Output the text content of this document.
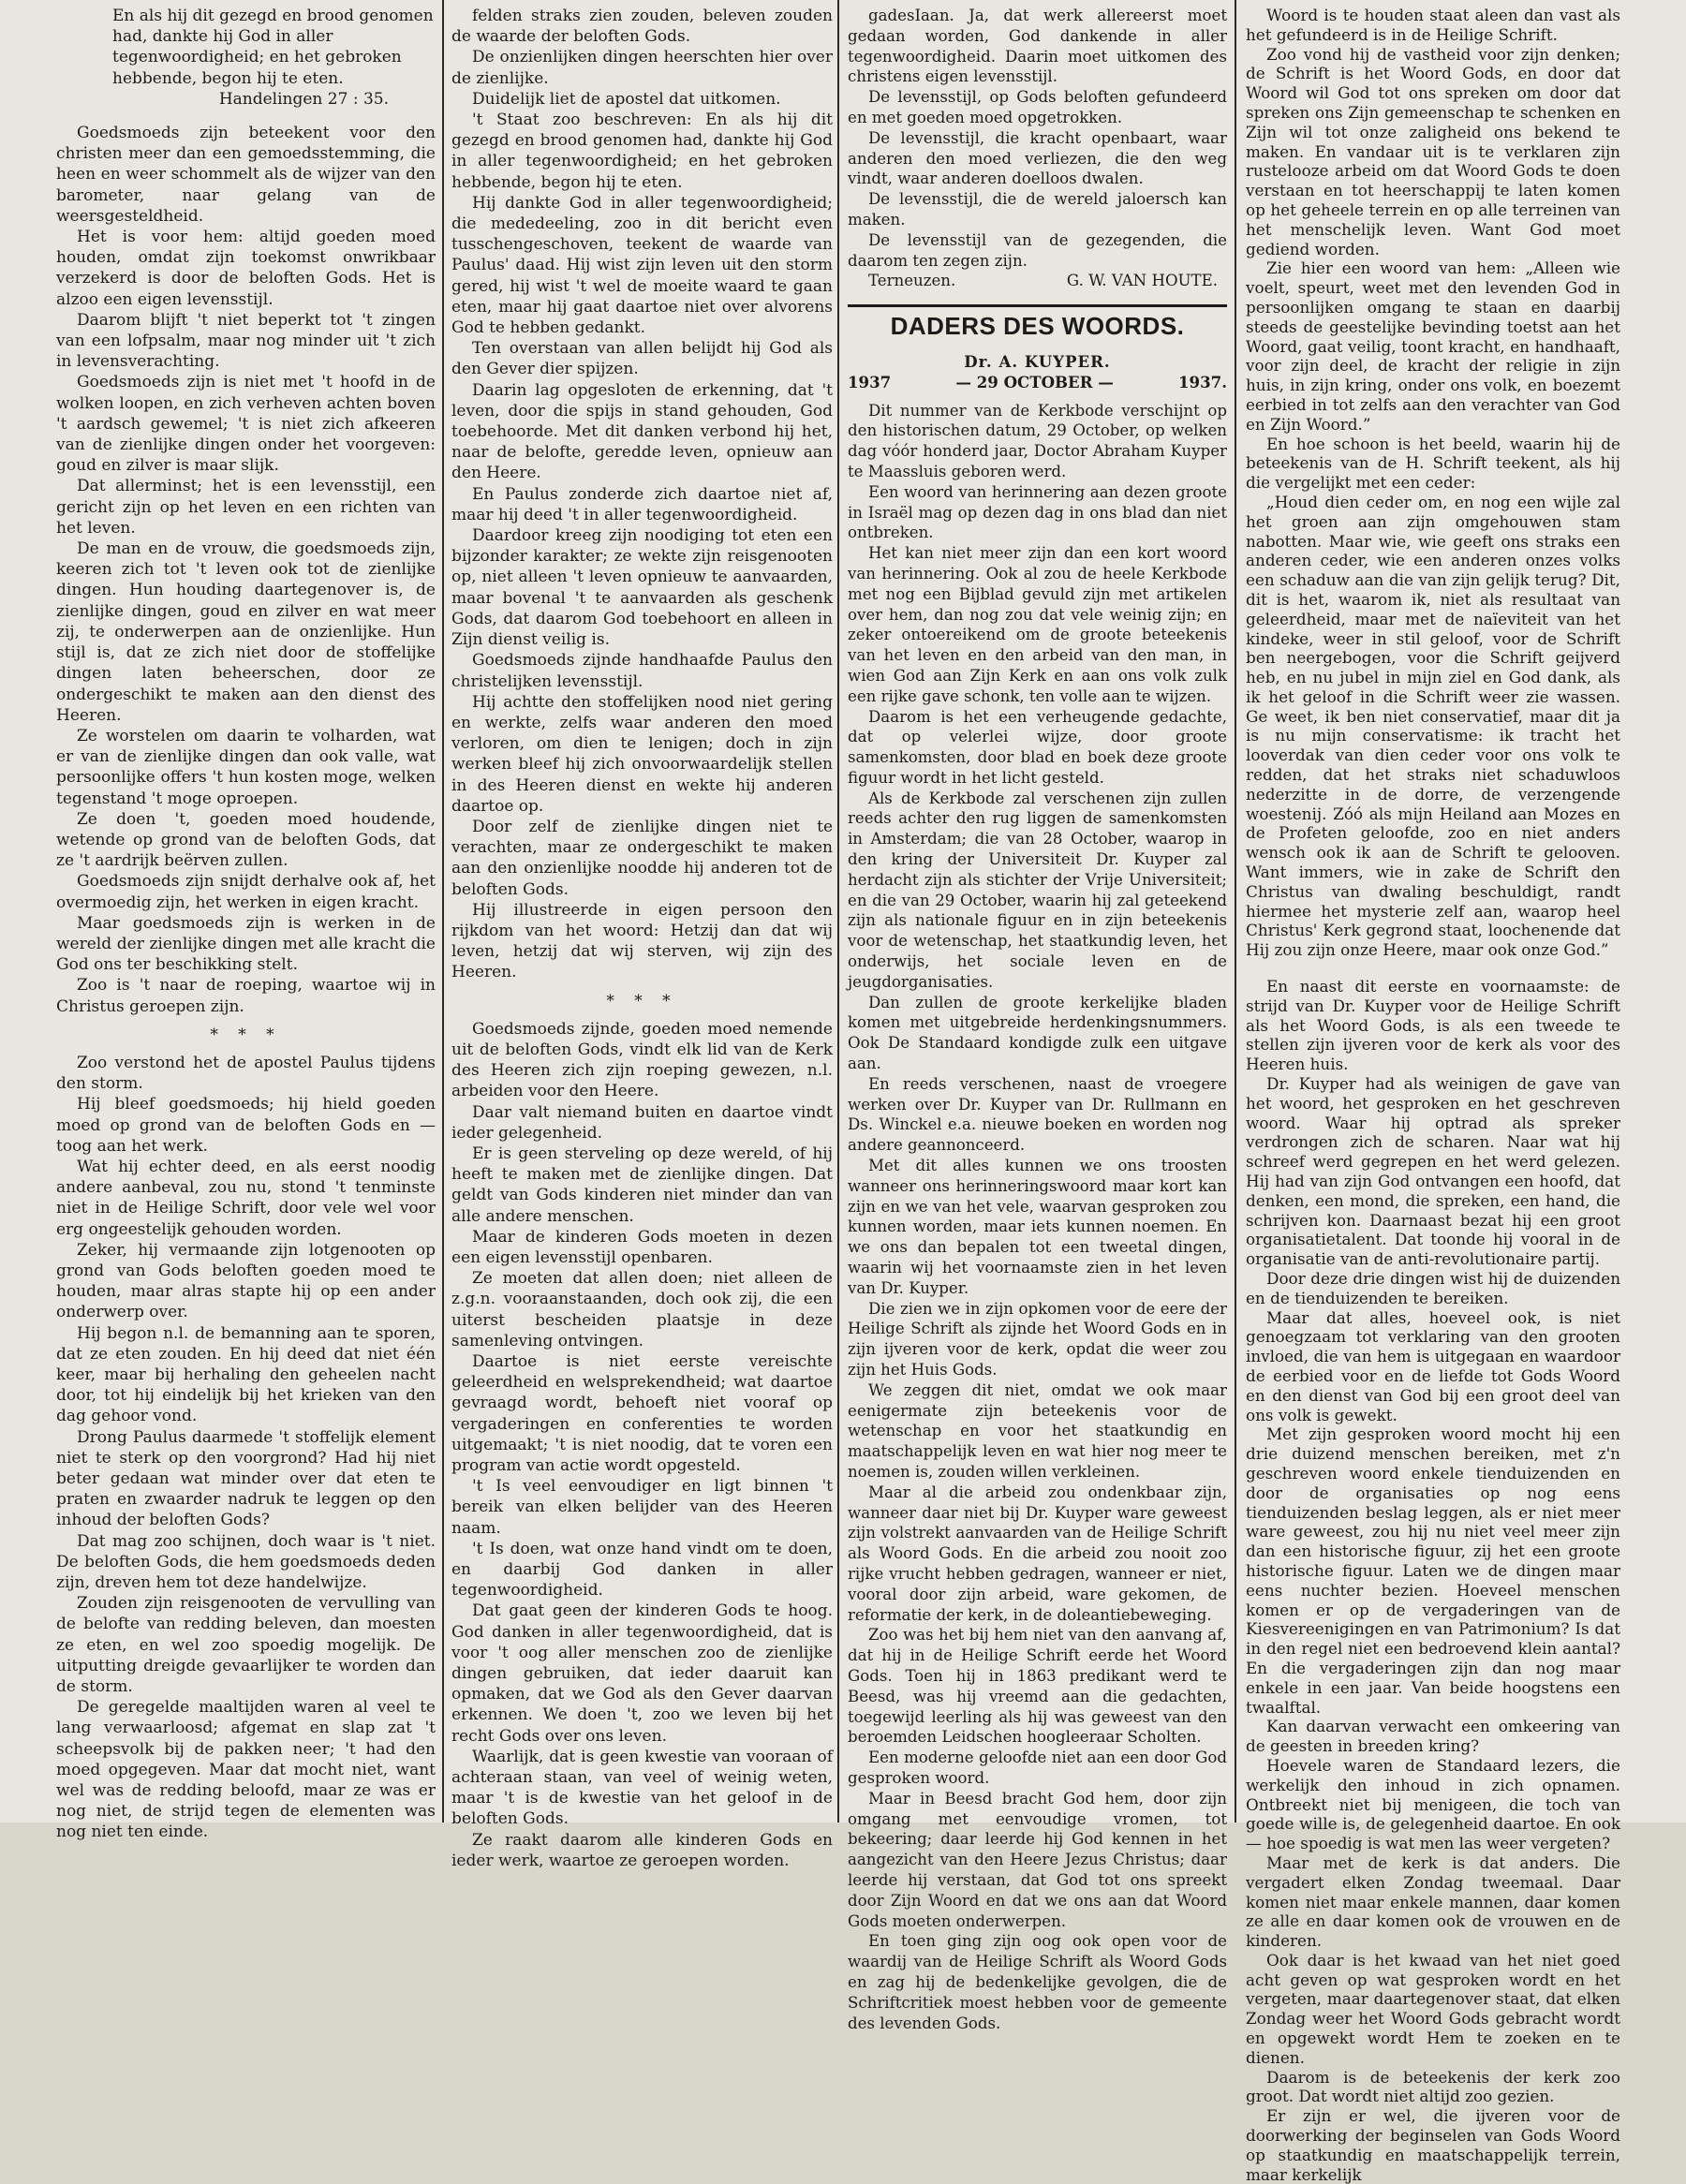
En als hij dit gezegd en brood genomen had, dankte hij God in aller tegenwoordigheid; en het gebroken hebbende, begon hij te eten.

Handelingen 27 : 35.

Goedsmoeds zijn beteekent voor den christen meer dan een gemoedsstemming, die heen en weer schommelt als de wijzer van den barometer, naar gelang van de weersgesteldheid.

Het is voor hem: altijd goeden moed houden, omdat zijn toekomst onwrikbaar verzekerd is door de beloften Gods. Het is alzoo een eigen levensstijl.

Daarom blijft 't niet beperkt tot 't zingen van een lofpsalm, maar nog minder uit 't zich in levensverachting.

Goedsmoeds zijn is niet met 't hoofd in de wolken loopen, en zich verheven achten boven 't aardsch gewemel; 't is niet zich afkeeren van de zienlijke dingen onder het voorgeven: goud en zilver is maar slijk.

Dat allerminst; het is een levensstijl, een gericht zijn op het leven en een richten van het leven.

De man en de vrouw, die goedsmoeds zijn, keeren zich tot 't leven ook tot de zienlijke dingen. Hun houding daartegenover is, de zienlijke dingen, goud en zilver en wat meer zij, te onderwerpen aan de onzienlijke. Hun stijl is, dat ze zich niet door de stoffelijke dingen laten beheerschen, door ze ondergeschikt te maken aan den dienst des Heeren.

Ze worstelen om daarin te volharden, wat er van de zienlijke dingen dan ook valle, wat persoonlijke offers 't hun kosten moge, welken tegenstand 't moge oproepen.

Ze doen 't, goeden moed houdende, wetende op grond van de beloften Gods, dat ze 't aardrijk beërven zullen.

Goedsmoeds zijn snijdt derhalve ook af, het overmoedig zijn, het werken in eigen kracht.

Maar goedsmoeds zijn is werken in de wereld der zienlijke dingen met alle kracht die God ons ter beschikking stelt.

Zoo is 't naar de roeping, waartoe wij in Christus geroepen zijn.

* * *

Zoo verstond het de apostel Paulus tijdens den storm.

Hij bleef goedsmoeds; hij hield goeden moed op grond van de beloften Gods en — toog aan het werk.

Wat hij echter deed, en als eerst noodig andere aanbeval, zou nu, stond 't tenminste niet in de Heilige Schrift, door vele wel voor erg ongeestelijk gehouden worden.

Zeker, hij vermaande zijn lotgenooten op grond van Gods beloften goeden moed te houden, maar alras stapte hij op een ander onderwerp over.

Hij begon n.l. de bemanning aan te sporen, dat ze eten zouden. En hij deed dat niet één keer, maar bij herhaling den geheelen nacht door, tot hij eindelijk bij het krieken van den dag gehoor vond.

Drong Paulus daarmede 't stoffelijk element niet te sterk op den voorgrond? Had hij niet beter gedaan wat minder over dat eten te praten en zwaarder nadruk te leggen op den inhoud der beloften Gods?

Dat mag zoo schijnen, doch waar is 't niet. De beloften Gods, die hem goedsmoeds deden zijn, dreven hem tot deze handelwijze.

Zouden zijn reisgenooten de vervulling van de belofte van redding beleven, dan moesten ze eten, en wel zoo spoedig mogelijk. De uitputting dreigde gevaarlijker te worden dan de storm.

De geregelde maaltijden waren al veel te lang verwaarloosd; afgemat en slap zat 't scheepsvolk bij de pakken neer; 't had den moed opgegeven. Maar dat mocht niet, want wel was de redding beloofd, maar ze was er nog niet, de strijd tegen de elementen was nog niet ten einde.

felden straks zien zouden, beleven zouden de waarde der beloften Gods.

De onzienlijken dingen heerschten hier over de zienlijke.

Duidelijk liet de apostel dat uitkomen.

't Staat zoo beschreven: En als hij dit gezegd en brood genomen had, dankte hij God in aller tegenwoordigheid; en het gebroken hebbende, begon hij te eten.

Hij dankte God in aller tegenwoordigheid; die mededeeling, zoo in dit bericht even tusschengeschoven, teekent de waarde van Paulus' daad. Hij wist zijn leven uit den storm gered, hij wist 't wel de moeite waard te gaan eten, maar hij gaat daartoe niet over alvorens God te hebben gedankt.

Ten overstaan van allen belijdt hij God als den Gever dier spijzen.

Daarin lag opgesloten de erkenning, dat 't leven, door die spijs in stand gehouden, God toebehoorde. Met dit danken verbond hij het, naar de belofte, geredde leven, opnieuw aan den Heere.

En Paulus zonderde zich daartoe niet af, maar hij deed 't in aller tegenwoordigheid.

Daardoor kreeg zijn noodiging tot eten een bijzonder karakter; ze wekte zijn reisgenooten op, niet alleen 't leven opnieuw te aanvaarden, maar bovenal 't te aanvaarden als geschenk Gods, dat daarom God toebehoort en alleen in Zijn dienst veilig is.

Goedsmoeds zijnde handhaafde Paulus den christelijken levensstijl.

Hij achtte den stoffelijken nood niet gering en werkte, zelfs waar anderen den moed verloren, om dien te lenigen; doch in zijn werken bleef hij zich onvoorwaardelijk stellen in des Heeren dienst en wekte hij anderen daartoe op.

Door zelf de zienlijke dingen niet te verachten, maar ze ondergeschikt te maken aan den onzienlijke noodde hij anderen tot de beloften Gods.

Hij illustreerde in eigen persoon den rijkdom van het woord: Hetzij dan dat wij leven, hetzij dat wij sterven, wij zijn des Heeren.

* * *

Goedsmoeds zijnde, goeden moed nemende uit de beloften Gods, vindt elk lid van de Kerk des Heeren zich zijn roeping gewezen, n.l. arbeiden voor den Heere.

Daar valt niemand buiten en daartoe vindt ieder gelegenheid.

Er is geen sterveling op deze wereld, of hij heeft te maken met de zienlijke dingen. Dat geldt van Gods kinderen niet minder dan van alle andere menschen.

Maar de kinderen Gods moeten in dezen een eigen levensstijl openbaren.

Ze moeten dat allen doen; niet alleen de z.g.n. vooraanstaanden, doch ook zij, die een uiterst bescheiden plaatsje in deze samenleving ontvingen.

Daartoe is niet eerste vereischte geleerdheid en welsprekendheid; wat daartoe gevraagd wordt, behoeft niet vooraf op vergaderingen en conferenties te worden uitgemaakt; 't is niet noodig, dat te voren een program van actie wordt opgesteld.

't Is veel eenvoudiger en ligt binnen 't bereik van elken belijder van des Heeren naam.

't Is doen, wat onze hand vindt om te doen, en daarbij God danken in aller tegenwoordigheid.

Dat gaat geen der kinderen Gods te hoog. God danken in aller tegenwoordigheid, dat is voor 't oog aller menschen zoo de zienlijke dingen gebruiken, dat ieder daaruit kan opmaken, dat we God als den Gever daarvan erkennen. We doen 't, zoo we leven bij het recht Gods over ons leven.

Waarlijk, dat is geen kwestie van vooraan of achteraan staan, van veel of weinig weten, maar 't is de kwestie van het geloof in de beloften Gods.

Ze raakt daarom alle kinderen Gods en ieder werk, waartoe ze geroepen worden.

gadesIaan. Ja, dat werk allereerst moet gedaan worden, God dankende in aller tegenwoordigheid. Daarin moet uitkomen des christens eigen levensstijl.

De levensstijl, op Gods beloften gefundeerd en met goeden moed opgetrokken.

De levensstijl, die kracht openbaart, waar anderen den moed verliezen, die den weg vindt, waar anderen doelloos dwalen.

De levensstijl, die de wereld jaloersch kan maken.

De levensstijl van de gezegenden, die daarom ten zegen zijn.

Terneuzen.	G. W. VAN HOUTE.
DADERS DES WOORDS.
Dr. A. KUYPER.
1937	— 29 OCTOBER —	1937.

Dit nummer van de Kerkbode verschijnt op den historischen datum, 29 October, op welken dag vóór honderd jaar, Doctor Abraham Kuyper te Maassluis geboren werd.

Een woord van herinnering aan dezen groote in Israël mag op dezen dag in ons blad dan niet ontbreken.

Het kan niet meer zijn dan een kort woord van herinnering. Ook al zou de heele Kerkbode met nog een Bijblad gevuld zijn met artikelen over hem, dan nog zou dat vele weinig zijn; en zeker ontoereikend om de groote beteekenis van het leven en den arbeid van den man, in wien God aan Zijn Kerk en aan ons volk zulk een rijke gave schonk, ten volle aan te wijzen.

Daarom is het een verheugende gedachte, dat op velerlei wijze, door groote samenkomsten, door blad en boek deze groote figuur wordt in het licht gesteld.

Als de Kerkbode zal verschenen zijn zullen reeds achter den rug liggen de samenkomsten in Amsterdam; die van 28 October, waarop in den kring der Universiteit Dr. Kuyper zal herdacht zijn als stichter der Vrije Universiteit; en die van 29 October, waarin hij zal geteekend zijn als nationale figuur en in zijn beteekenis voor de wetenschap, het staatkundig leven, het onderwijs, het sociale leven en de jeugdorganisaties.

Dan zullen de groote kerkelijke bladen komen met uitgebreide herdenkingsnummers. Ook De Standaard kondigde zulk een uitgave aan.

En reeds verschenen, naast de vroegere werken over Dr. Kuyper van Dr. Rullmann en Ds. Winckel e.a. nieuwe boeken en worden nog andere geannonceerd.

Met dit alles kunnen we ons troosten wanneer ons herinneringswoord maar kort kan zijn en we van het vele, waarvan gesproken zou kunnen worden, maar iets kunnen noemen. En we ons dan bepalen tot een tweetal dingen, waarin wij het voornaamste zien in het leven van Dr. Kuyper.

Die zien we in zijn opkomen voor de eere der Heilige Schrift als zijnde het Woord Gods en in zijn ijveren voor de kerk, opdat die weer zou zijn het Huis Gods.

We zeggen dit niet, omdat we ook maar eenigermate zijn beteekenis voor de wetenschap en voor het staatkundig en maatschappelijk leven en wat hier nog meer te noemen is, zouden willen verkleinen.

Maar al die arbeid zou ondenkbaar zijn, wanneer daar niet bij Dr. Kuyper ware geweest zijn volstrekt aanvaarden van de Heilige Schrift als Woord Gods. En die arbeid zou nooit zoo rijke vrucht hebben gedragen, wanneer er niet, vooral door zijn arbeid, ware gekomen, de reformatie der kerk, in de doleantiebeweging.

Zoo was het bij hem niet van den aanvang af, dat hij in de Heilige Schrift eerde het Woord Gods. Toen hij in 1863 predikant werd te Beesd, was hij vreemd aan die gedachten, toegewijd leerling als hij was geweest van den beroemden Leidschen hoogleeraar Scholten.

Een moderne geloofde niet aan een door God gesproken woord.

Maar in Beesd bracht God hem, door zijn omgang met eenvoudige vromen, tot bekeering; daar leerde hij God kennen in het aangezicht van den Heere Jezus Christus; daar leerde hij verstaan, dat God tot ons spreekt door Zijn Woord en dat we ons aan dat Woord Gods moeten onderwerpen.

En toen ging zijn oog ook open voor de waardij van de Heilige Schrift als Woord Gods en zag hij de bedenkelijke gevolgen, die de Schriftcritiek moest hebben voor de gemeente des levenden Gods.

Woord is te houden staat aleen dan vast als het gefundeerd is in de Heilige Schrift.

Zoo vond hij de vastheid voor zijn denken; de Schrift is het Woord Gods, en door dat Woord wil God tot ons spreken om door dat spreken ons Zijn gemeenschap te schenken en Zijn wil tot onze zaligheid ons bekend te maken. En vandaar uit is te verklaren zijn rustelooze arbeid om dat Woord Gods te doen verstaan en tot heerschappij te laten komen op het geheele terrein en op alle terreinen van het menschelijk leven. Want God moet gediend worden.

Zie hier een woord van hem: „Alleen wie voelt, speurt, weet met den levenden God in persoonlijken omgang te staan en daarbij steeds de geestelijke bevinding toetst aan het Woord, gaat veilig, toont kracht, en handhaaft, voor zijn deel, de kracht der religie in zijn huis, in zijn kring, onder ons volk, en boezemt eerbied in tot zelfs aan den verachter van God en Zijn Woord.”

En hoe schoon is het beeld, waarin hij de beteekenis van de H. Schrift teekent, als hij die vergelijkt met een ceder:

„Houd dien ceder om, en nog een wijle zal het groen aan zijn omgehouwen stam nabotten. Maar wie, wie geeft ons straks een anderen ceder, wie een anderen onzes volks een schaduw aan die van zijn gelijk terug? Dit, dit is het, waarom ik, niet als resultaat van geleerdheid, maar met de naïeviteit van het kindeke, weer in stil geloof, voor de Schrift ben neergebogen, voor die Schrift geijverd heb, en nu jubel in mijn ziel en God dank, als ik het geloof in die Schrift weer zie wassen. Ge weet, ik ben niet conservatief, maar dit ja is nu mijn conservatisme: ik tracht het looverdak van dien ceder voor ons volk te redden, dat het straks niet schaduwloos nederzitte in de dorre, de verzengende woestenij. Zóó als mijn Heiland aan Mozes en de Profeten geloofde, zoo en niet anders wensch ook ik aan de Schrift te gelooven. Want immers, wie in zake de Schrift den Christus van dwaling beschuldigt, randt hiermee het mysterie zelf aan, waarop heel Christus' Kerk gegrond staat, loochenende dat Hij zou zijn onze Heere, maar ook onze God.”

En naast dit eerste en voornaamste: de strijd van Dr. Kuyper voor de Heilige Schrift als het Woord Gods, is als een tweede te stellen zijn ijveren voor de kerk als voor des Heeren huis.

Dr. Kuyper had als weinigen de gave van het woord, het gesproken en het geschreven woord. Waar hij optrad als spreker verdrongen zich de scharen. Naar wat hij schreef werd gegrepen en het werd gelezen. Hij had van zijn God ontvangen een hoofd, dat denken, een mond, die spreken, een hand, die schrijven kon. Daarnaast bezat hij een groot organisatietalent. Dat toonde hij vooral in de organisatie van de anti-revolutionaire partij.

Door deze drie dingen wist hij de duizenden en de tienduizenden te bereiken.

Maar dat alles, hoeveel ook, is niet genoegzaam tot verklaring van den grooten invloed, die van hem is uitgegaan en waardoor de eerbied voor en de liefde tot Gods Woord en den dienst van God bij een groot deel van ons volk is gewekt.

Met zijn gesproken woord mocht hij een drie duizend menschen bereiken, met z'n geschreven woord enkele tienduizenden en door de organisaties op nog eens tienduizenden beslag leggen, als er niet meer ware geweest, zou hij nu niet veel meer zijn dan een historische figuur, zij het een groote historische figuur. Laten we de dingen maar eens nuchter bezien. Hoeveel menschen komen er op de vergaderingen van de Kiesvereenigingen en van Patrimonium? Is dat in den regel niet een bedroevend klein aantal? En die vergaderingen zijn dan nog maar enkele in een jaar. Van beide hoogstens een twaalftal.

Kan daarvan verwacht een omkeering van de geesten in breeden kring?

Hoevele waren de Standaard lezers, die werkelijk den inhoud in zich opnamen. Ontbreekt niet bij menigeen, die toch van goede wille is, de gelegenheid daartoe. En ook — hoe spoedig is wat men las weer vergeten?

Maar met de kerk is dat anders. Die vergadert elken Zondag tweemaal. Daar komen niet maar enkele mannen, daar komen ze alle en daar komen ook de vrouwen en de kinderen.

Ook daar is het kwaad van het niet goed acht geven op wat gesproken wordt en het vergeten, maar daartegenover staat, dat elken Zondag weer het Woord Gods gebracht wordt en opgewekt wordt Hem te zoeken en te dienen.

Daarom is de beteekenis der kerk zoo groot. Dat wordt niet altijd zoo gezien.

Er zijn er wel, die ijveren voor de doorwerking der beginselen van Gods Woord op staatkundig en maatschappelijk terrein, maar kerkelijk
